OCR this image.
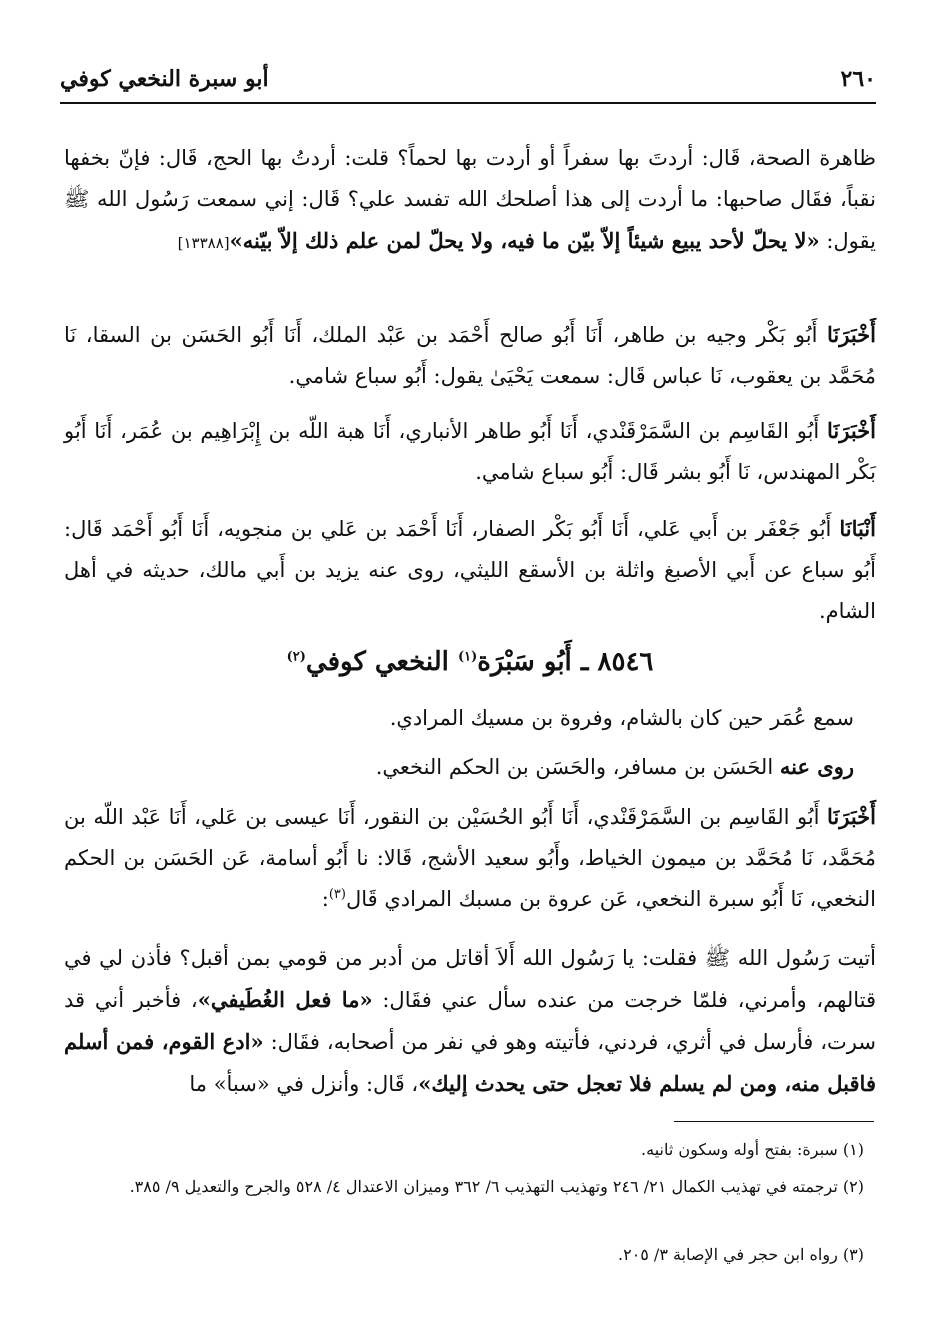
أبو سبرة النخعي كوفي	٢٦٠
ظاهرة الصحة، قَال: أردتَ بها سفراً أو أردت بها لحماً؟ قلت: أردتُ بها الحج، قَال: فإنّ بخفها نقباً، فقَال صاحبها: ما أردت إلى هذا أصلحك الله تفسد علي؟ قَال: إني سمعت رَسُول الله ﷺ يقول: «لا يحلّ لأحد يبيع شيئاً إلاّ بيّن ما فيه، ولا يحلّ لمن علم ذلك إلاّ بيّنه»[١٣٣٨٨]
أَخْبَرَنَا أَبُو بَكْر وجيه بن طاهر، أَنَا أَبُو صالح أَحْمَد بن عَبْد الملك، أَنَا أَبُو الحَسَن بن السقا، نَا مُحَمَّد بن يعقوب، نَا عباس قَال: سمعت يَحْيَىٰ يقول: أَبُو سباع شامي.
أَخْبَرَنَا أَبُو القَاسِم بن السَّمَرْقَنْدي، أَنَا أَبُو طاهر الأنباري، أَنَا هبة اللّه بن إِبْرَاهِيم بن عُمَر، أَنَا أَبُو بَكْر المهندس، نَا أَبُو بشر قَال: أَبُو سباع شامي.
أَنْبَانَا أَبُو جَعْفَر بن أَبي عَلي، أَنَا أَبُو بَكْر الصفار، أَنَا أَحْمَد بن عَلي بن منجويه، أَنَا أَبُو أَحْمَد قَال: أَبُو سباع عن أَبي الأصبغ واثلة بن الأسقع الليثي، روى عنه يزيد بن أَبي مالك، حديثه في أهل الشام.
٨٥٤٦ ـ أَبُو سَبْرَة$^{(١)}$ النخعي كوفي$^{(٢)}$
سمع عُمَر حين كان بالشام، وفروة بن مسيك المرادي.
روى عنه الحَسَن بن مسافر، والحَسَن بن الحكم النخعي.
أَخْبَرَنَا أَبُو القَاسِم بن السَّمَرْقَنْدي، أَنَا أَبُو الحُسَيْن بن النقور، أَنَا عيسى بن عَلي، أَنَا عَبْد اللّه بن مُحَمَّد، نَا مُحَمَّد بن ميمون الخياط، وأَبُو سعيد الأشج، قَالا: نا أَبُو أسامة، عَن الحَسَن بن الحكم النخعي، نَا أَبُو سبرة النخعي، عَن عروة بن مسبك المرادي قَال$^{(٣)}$:
أتيت رَسُول الله ﷺ فقلت: يا رَسُول الله أَلاَ أقاتل من أدبر من قومي بمن أقبل؟ فأذن لي في قتالهم، وأمرني، فلمّا خرجت من عنده سأل عني فقَال: «ما فعل الغُطَيفي»، فأخبر أني قد سرت، فأرسل في أثري، فردني، فأتيته وهو في نفر من أصحابه، فقَال: «ادع القوم، فمن أسلم فاقبل منه، ومن لم يسلم فلا تعجل حتى يحدث إليك»، قَال: وأنزل في «سبأ» ما
(١) سبرة: بفتح أوله وسكون ثانيه.
(٢) ترجمته في تهذيب الكمال ٢١/ ٢٤٦ وتهذيب التهذيب ٦/ ٣٦٢ وميزان الاعتدال ٤/ ٥٢٨ والجرح والتعديل ٩/ ٣٨٥.
(٣) رواه ابن حجر في الإصابة ٣/ ٢٠٥.
